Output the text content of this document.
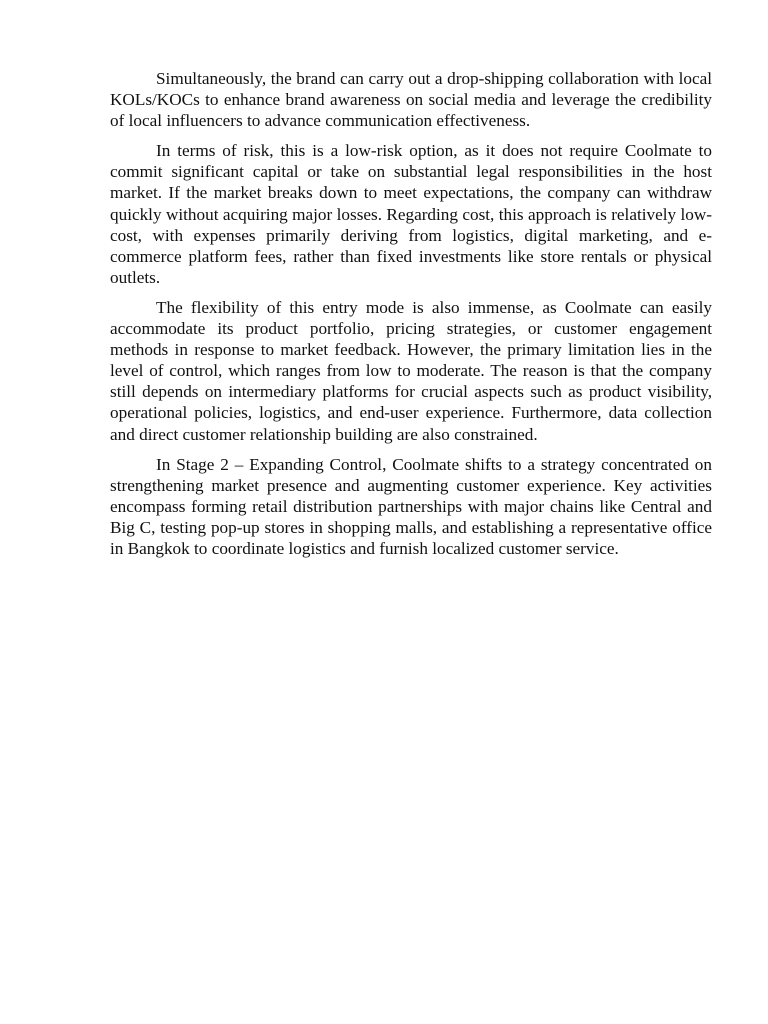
Simultaneously, the brand can carry out a drop-shipping collaboration with local KOLs/KOCs to enhance brand awareness on social media and leverage the credibility of local influencers to advance communication effectiveness.

In terms of risk, this is a low-risk option, as it does not require Coolmate to commit significant capital or take on substantial legal responsibilities in the host market. If the market breaks down to meet expectations, the company can withdraw quickly without acquiring major losses. Regarding cost, this approach is relatively low-cost, with expenses primarily deriving from logistics, digital marketing, and e-commerce platform fees, rather than fixed investments like store rentals or physical outlets.

The flexibility of this entry mode is also immense, as Coolmate can easily accommodate its product portfolio, pricing strategies, or customer engagement methods in response to market feedback. However, the primary limitation lies in the level of control, which ranges from low to moderate. The reason is that the company still depends on intermediary platforms for crucial aspects such as product visibility, operational policies, logistics, and end-user experience. Furthermore, data collection and direct customer relationship building are also constrained.

In Stage 2 – Expanding Control, Coolmate shifts to a strategy concentrated on strengthening market presence and augmenting customer experience. Key activities encompass forming retail distribution partnerships with major chains like Central and Big C, testing pop-up stores in shopping malls, and establishing a representative office in Bangkok to coordinate logistics and furnish localized customer service.
